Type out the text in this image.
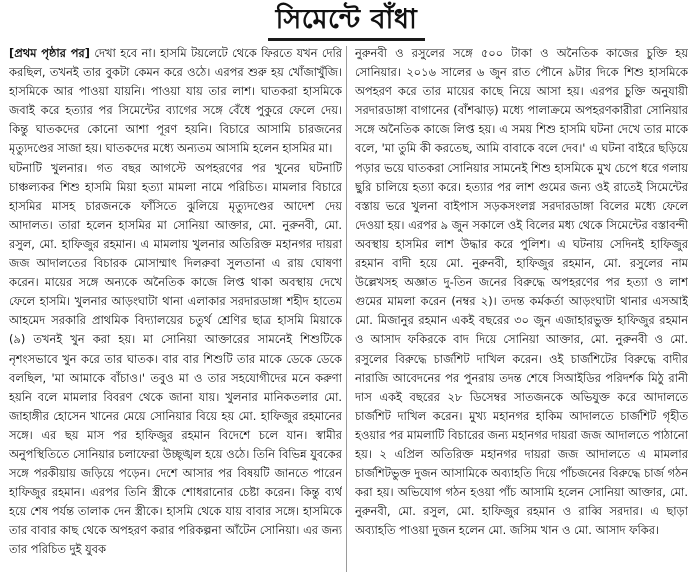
সিমেন্টে বাঁধা

[প্রথম পৃষ্ঠার পর] দেখা হবে না। হাসমি টয়লেটে থেকে ফিরতে যখন দেরি করছিল, তখনই তার বুকটা কেমন করে ওঠে। এরপর শুরু হয় খোঁজাখুঁজি। হাসমিকে আর পাওয়া যায়নি। পাওয়া যায় তার লাশ। ঘাতকরা হাসমিকে জবাই করে হত্যার পর সিমেন্টের ব্যাগের সঙ্গে বেঁধে পুকুরে ফেলে দেয়। কিন্তু ঘাতকদের কোনো আশা পূরণ হয়নি। বিচারে আসামি চারজনের মৃত্যুদণ্ডের সাজা হয়। ঘাতকদের মধ্যে অন্যতম আসামি হলেন হাসমির মা।

ঘটনাটি খুলনার। গত বছর আগস্টে অপহরণের পর খুনের ঘটনাটি চাঞ্চল্যকর শিশু হাসমি মিয়া হত্যা মামলা নামে পরিচিত। মামলার বিচারে হাসমির মাসহ চারজনকে ফাঁসিতে ঝুলিয়ে মৃত্যুদণ্ডের আদেশ দেয় আদালত। তারা হলেন হাসমির মা সোনিয়া আক্তার, মো. নুরুনবী, মো. রসুল, মো. হাফিজুর রহমান। এ মামলায় খুলনার অতিরিক্ত মহানগর দায়রা জজ আদালতের বিচারক মোসাম্মাৎ দিলরুবা সুলতানা এ রায় ঘোষণা করেন। মায়ের সঙ্গে অন্যকে অনৈতিক কাজে লিপ্ত থাকা অবস্থায় দেখে ফেলে হাসমি। খুলনার আড়ংঘাটা থানা এলাকার সরদারডাঙ্গা শহীদ হাতেম আহমেদ সরকারি প্রাথমিক বিদ্যালয়ের চতুর্থ শ্রেণির ছাত্র হাসমি মিয়াকে (৯) তখনই খুন করা হয়। মা সোনিয়া আক্তারের সামনেই শিশুটিকে নৃশংসভাবে খুন করে তার ঘাতক। বার বার শিশুটি তার মাকে ডেকে ডেকে বলছিল, 'মা আমাকে বাঁচাও।' তবুও মা ও তার সহযোগীদের মনে করুণা হয়নি বলে মামলার বিবরণ থেকে জানা যায়। খুলনার মানিকতলার মো. জাহাঙ্গীর হোসেন খানের মেয়ে সোনিয়ার বিয়ে হয় মো. হাফিজুর রহমানের সঙ্গে। এর ছয় মাস পর হাফিজুর রহমান বিদেশে চলে যান। স্বামীর অনুপস্থিতিতে সোনিয়ার চলাফেরা উচ্ছৃঙ্খল হয়ে ওঠে। তিনি বিভিন্ন যুবকের সঙ্গে পরকীয়ায় জড়িয়ে পড়েন। দেশে আসার পর বিষয়টি জানতে পারেন হাফিজুর রহমান। এরপর তিনি স্ত্রীকে শোধরানোর চেষ্টা করেন। কিন্তু ব্যর্থ হয়ে শেষ পর্যন্ত তালাক দেন স্ত্রীকে। হাসমি থেকে যায় বাবার সঙ্গে। হাসমিকে তার বাবার কাছ থেকে অপহরণ করার পরিকল্পনা আঁটেন সোনিয়া। এর জন্য তার পরিচিত দুই যুবক

নুরুনবী ও রসুলের সঙ্গে ৫০০ টাকা ও অনৈতিক কাজের চুক্তি হয় সোনিয়ার। ২০১৬ সালের ৬ জুন রাত পৌনে ৯টার দিকে শিশু হাসমিকে অপহরণ করে তার মায়ের কাছে নিয়ে আসা হয়। এরপর চুক্তি অনুযায়ী সরদারডাঙ্গা বাগানের (বাঁশঝাড়) মধ্যে পালাক্রমে অপহরণকারীরা সোনিয়ার সঙ্গে অনৈতিক কাজে লিপ্ত হয়। এ সময় শিশু হাসমি ঘটনা দেখে তার মাকে বলে, 'মা তুমি কী করতেছ, আমি বাবাকে বলে দেব।' এ ঘটনা বাইরে ছড়িয়ে পড়ার ভয়ে ঘাতকরা সোনিয়ার সামনেই শিশু হাসমিকে মুখ চেপে ধরে গলায় ছুরি চালিয়ে হত্যা করে। হত্যার পর লাশ গুমের জন্য ওই রাতেই সিমেন্টের বস্তায় ভরে খুলনা বাইপাস সড়কসংলগ্ন সরদারডাঙ্গা বিলের মধ্যে ফেলে দেওয়া হয়। এরপর ৯ জুন সকালে ওই বিলের মধ্য থেকে সিমেন্টের বস্তাবন্দী অবস্থায় হাসমির লাশ উদ্ধার করে পুলিশ। এ ঘটনায় সেদিনই হাফিজুর রহমান বাদী হয়ে মো. নুরুনবী, হাফিজুর রহমান, মো. রসুলের নাম উল্লেখসহ অজ্ঞাত দু-তিন জনের বিরুদ্ধে অপহরণের পর হত্যা ও লাশ গুমের মামলা করেন (নম্বর ২)। তদন্ত কর্মকর্তা আড়ংঘাটা থানার এসআই মো. মিজানুর রহমান একই বছরের ৩০ জুন এজাহারভুক্ত হাফিজুর রহমান ও আসাদ ফকিরকে বাদ দিয়ে সোনিয়া আক্তার, মো. নুরুনবী ও মো. রসুলের বিরুদ্ধে চার্জশিট দাখিল করেন। ওই চার্জশিটের বিরুদ্ধে বাদীর নারাজি আবেদনের পর পুনরায় তদন্ত শেষে সিআইডির পরিদর্শক মিঠু রানী দাস একই বছরের ২৮ ডিসেম্বর সাতজনকে অভিযুক্ত করে আদালতে চার্জশিট দাখিল করেন। মুখ্য মহানগর হাকিম আদালতে চার্জশিট গৃহীত হওয়ার পর মামলাটি বিচারের জন্য মহানগর দায়রা জজ আদালতে পাঠানো হয়। ২ এপ্রিল অতিরিক্ত মহানগর দায়রা জজ আদালতে এ মামলার চার্জশিটভুক্ত দুজন আসামিকে অব্যাহতি দিয়ে পাঁচজনের বিরুদ্ধে চার্জ গঠন করা হয়। অভিযোগ গঠন হওয়া পাঁচ আসামি হলেন সোনিয়া আক্তার, মো. নুরুনবী, মো. রসুল, মো. হাফিজুর রহমান ও রাব্বি সরদার। এ ছাড়া অব্যাহতি পাওয়া দুজন হলেন মো. জসিম খান ও মো. আসাদ ফকির।
